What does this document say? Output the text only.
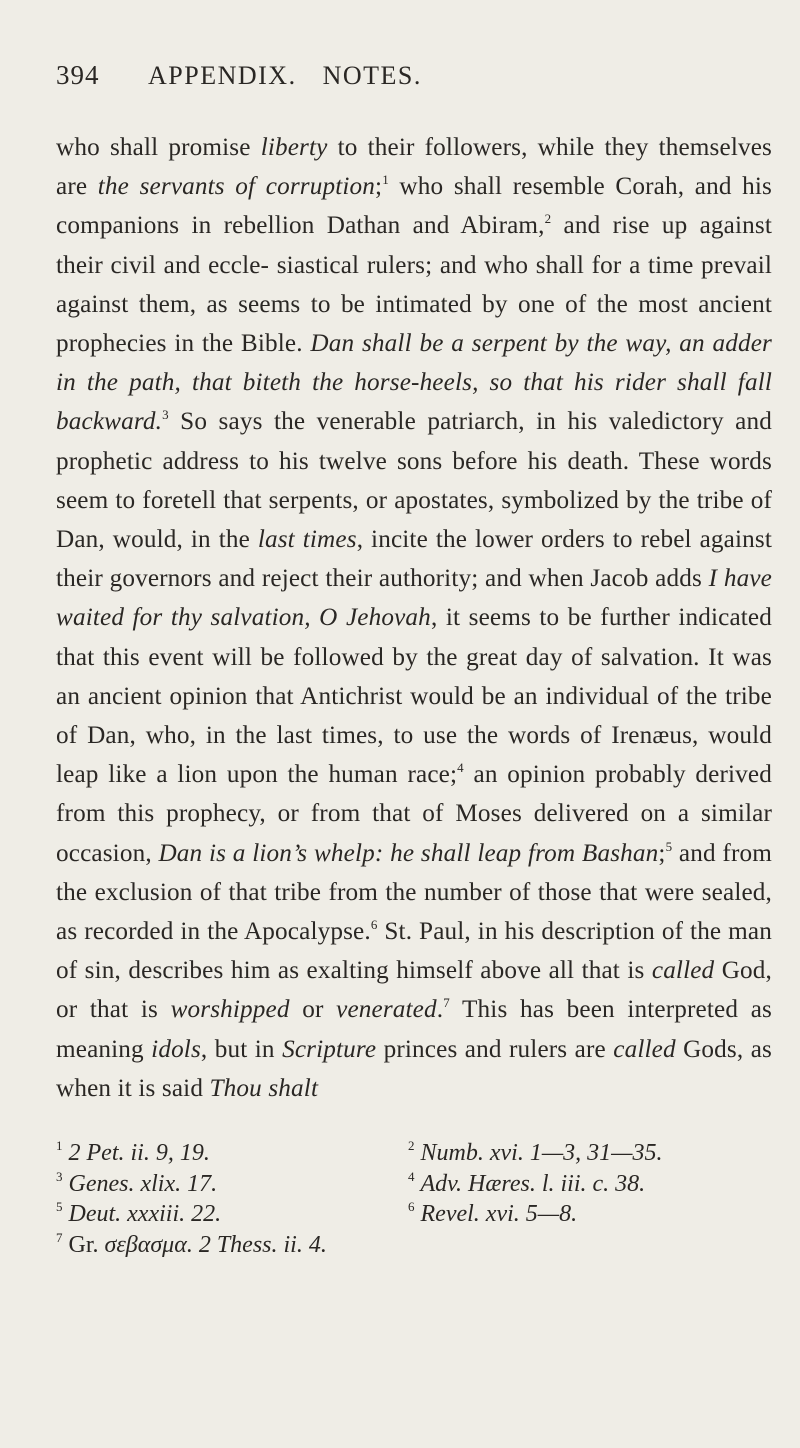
394	APPENDIX. NOTES.
who shall promise liberty to their followers, while they themselves are the servants of corruption;$^1$ who shall resemble Corah, and his companions in rebellion Dathan and Abiram,$^2$ and rise up against their civil and eccle- siastical rulers; and who shall for a time prevail against them, as seems to be intimated by one of the most ancient prophecies in the Bible. Dan shall be a serpent by the way, an adder in the path, that biteth the horse-heels, so that his rider shall fall backward.$^3$ So says the venerable patriarch, in his valedictory and prophetic address to his twelve sons before his death. These words seem to foretell that serpents, or apostates, symbolized by the tribe of Dan, would, in the last times, incite the lower orders to rebel against their governors and reject their authority; and when Jacob adds I have waited for thy salvation, O Jehovah, it seems to be further indicated that this event will be followed by the great day of salvation. It was an ancient opinion that Antichrist would be an individual of the tribe of Dan, who, in the last times, to use the words of Irenæus, would leap like a lion upon the human race;$^4$ an opinion probably derived from this prophecy, or from that of Moses delivered on a similar occasion, Dan is a lion’s whelp: he shall leap from Bashan;$^5$ and from the exclusion of that tribe from the number of those that were sealed, as recorded in the Apocalypse.$^6$ St. Paul, in his description of the man of sin, describes him as exalting himself above all that is called God, or that is worshipped or venerated.$^7$ This has been interpreted as meaning idols, but in Scripture princes and rulers are called Gods, as when it is said Thou shalt
$^1$ 2 Pet. ii. 9, 19.	$^2$ Numb. xvi. 1—3, 31—35.
$^3$ Genes. xlix. 17.	$^4$ Adv. Hæres. l. iii. c. 38.
$^5$ Deut. xxxiii. 22.	$^6$ Revel. xvi. 5—8.
$^7$ Gr. σεβασμα. 2 Thess. ii. 4.
